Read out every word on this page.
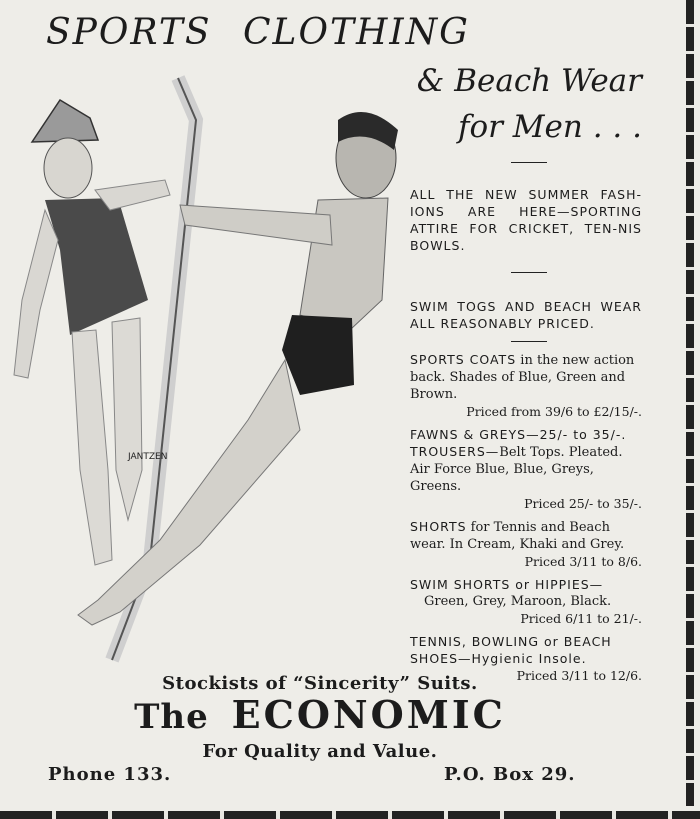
SPORTS CLOTHING
& Beach Wear
for Men . . .
JANTZEN

ALL THE NEW SUMMER FASH-IONS ARE HERE—SPORTING ATTIRE FOR CRICKET, TEN-NIS BOWLS.

SWIM TOGS AND BEACH WEAR ALL REASONABLY PRICED.

SPORTS COATS in the new action back. Shades of Blue, Green and Brown.

Priced from 39/6 to £2/15/-.

FAWNS & GREYS—25/- to 35/-.

TROUSERS—Belt Tops. Pleated. Air Force Blue, Blue, Greys, Greens.

Priced 25/- to 35/-.

SHORTS for Tennis and Beach wear. In Cream, Khaki and Grey.

Priced 3/11 to 8/6.

SWIM SHORTS or HIPPIES—

Green, Grey, Maroon, Black.

Priced 6/11 to 21/-.

TENNIS, BOWLING or BEACH SHOES—Hygienic Insole.

Priced 3/11 to 12/6.

Stockists of “Sincerity” Suits.
The ECONOMIC
For Quality and Value.
Phone 133.	P.O. Box 29.
